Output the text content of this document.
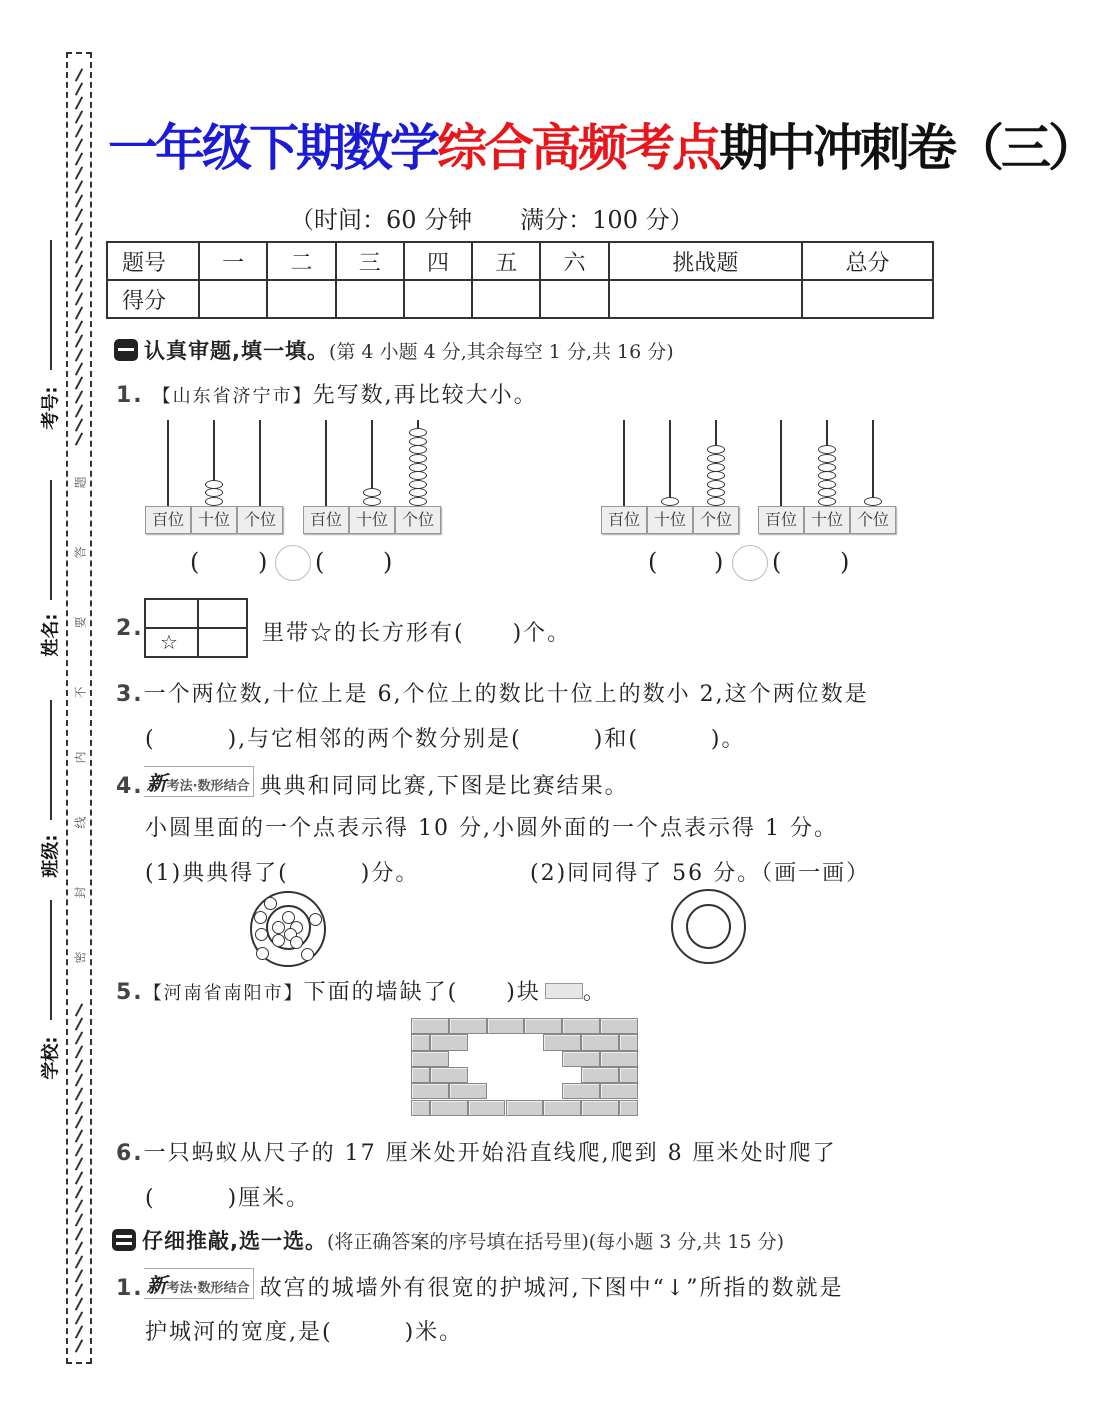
题
答
要
不
内
线
封
密
考号:
姓名:
班级:
学校:
一年级下期数学综合高频考点期中冲刺卷（三）
（时间：60 分钟　　满分：100 分）
题号	一	二	三	四	五	六	挑战题	总分
得分								
认真审题,填一填。(第 4 小题 4 分,其余每空 1 分,共 16 分)
1. 【山东省济宁市】先写数,再比较大小。
百位 十位 个位	百位 十位 个位	百位 十位 个位	百位 十位 个位
( ) ( )	( ) ( )
2.
☆	里带☆的长方形有( )个。
3.一个两位数,十位上是 6,个位上的数比十位上的数小 2,这个两位数是
(　　　),与它相邻的两个数分别是(　　　)和(　　　)。
4. 新考法·数形结合 典典和同同比赛,下图是比赛结果。
小圆里面的一个点表示得 10 分,小圆外面的一个点表示得 1 分。
(1)典典得了(　　　)分。	(2)同同得了 56 分。（画一画）
5.【河南省南阳市】下面的墙缺了( )块 。
6.一只蚂蚁从尺子的 17 厘米处开始沿直线爬,爬到 8 厘米处时爬了
(　　　)厘米。
仔细推敲,选一选。(将正确答案的序号填在括号里)(每小题 3 分,共 15 分)
1. 新考法·数形结合 故宫的城墙外有很宽的护城河,下图中“↓”所指的数就是
护城河的宽度,是(　　　)米。
